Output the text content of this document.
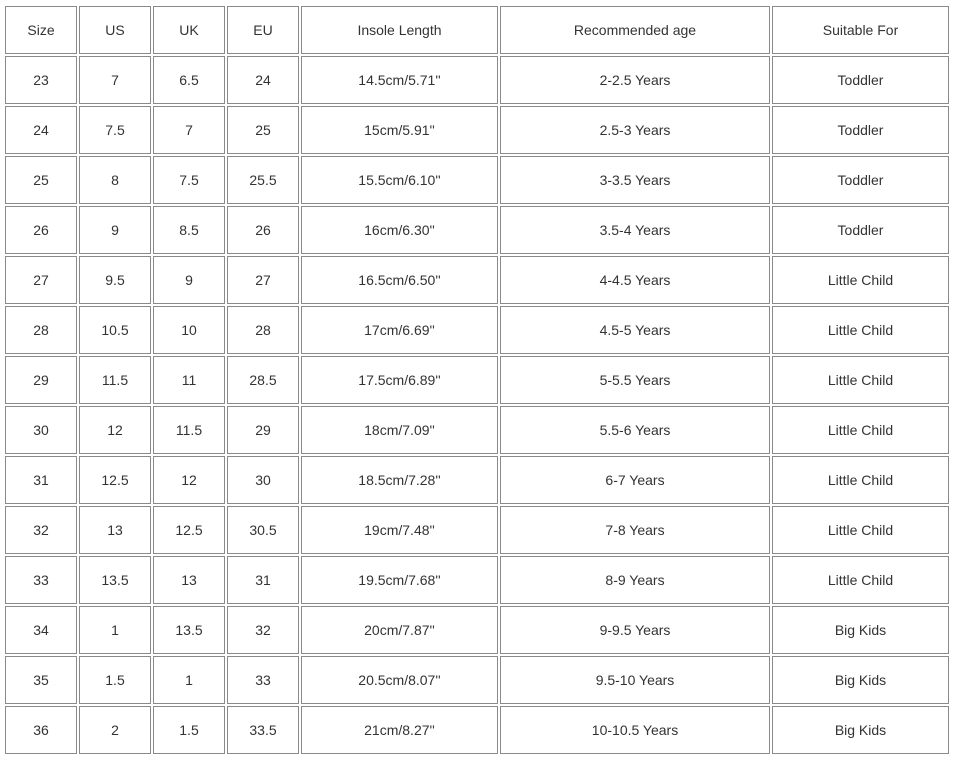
Size	US	UK	EU	Insole Length	Recommended age	Suitable For
23	7	6.5	24	14.5cm/5.71''	2-2.5 Years	Toddler
24	7.5	7	25	15cm/5.91''	2.5-3 Years	Toddler
25	8	7.5	25.5	15.5cm/6.10''	3-3.5 Years	Toddler
26	9	8.5	26	16cm/6.30''	3.5-4 Years	Toddler
27	9.5	9	27	16.5cm/6.50''	4-4.5 Years	Little Child
28	10.5	10	28	17cm/6.69''	4.5-5 Years	Little Child
29	11.5	11	28.5	17.5cm/6.89''	5-5.5 Years	Little Child
30	12	11.5	29	18cm/7.09''	5.5-6 Years	Little Child
31	12.5	12	30	18.5cm/7.28''	6-7 Years	Little Child
32	13	12.5	30.5	19cm/7.48''	7-8 Years	Little Child
33	13.5	13	31	19.5cm/7.68''	8-9 Years	Little Child
34	1	13.5	32	20cm/7.87''	9-9.5 Years	Big Kids
35	1.5	1	33	20.5cm/8.07''	9.5-10 Years	Big Kids
36	2	1.5	33.5	21cm/8.27''	10-10.5 Years	Big Kids
